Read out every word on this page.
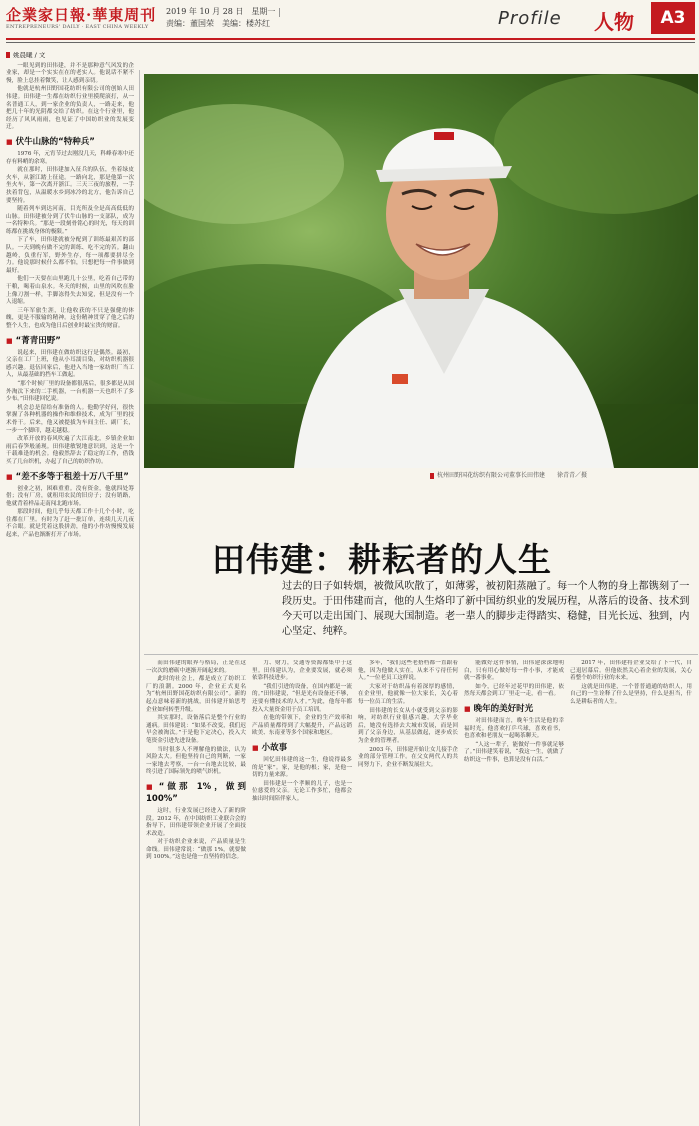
企業家日報·華東周刊
ENTREPRENEURS' DAILY · EAST CHINA WEEKLY
2019 年 10 月 28 日　星期一
责编：董国荣　美编：楼苏红	Profile 人物	A3
姚晨曦 / 文

一眼见到的田伟建，并不是那种意气风发的企业家，却是一个实实在在的老实人。他说话不紧不慢，脸上总挂着微笑，让人感到亲切。

他就是杭州田野国花纺织有限公司的创始人田伟建。田伟建一生都在纺织行业里摸爬滚打，从一名普通工人，到一家企业的负责人，一路走来，他把几十年的光阴都交给了纺织。在这个行业里，他经历了风风雨雨，也见证了中国纺织业的发展变迁。

■ 伏牛山脉的“特种兵”

1976 年，元宵节过去刚没几天，科峰春寒中还存有料峭的余寒。

就在那时，田伟建加入征兵的队伍，坐着绿皮火车，从浙江踏上征途。一路向北，那是他第一次坐火车，第一次离开浙江。三天三夜的旅程，一手扶着背包，从温暖水乡到冰冷的北方，他告诉自己要坚持。

随着列车到达河南，目光所及全是高高低低的山脉。田伟建被分到了伏牛山脉的一支部队，成为一名特种兵。“那是一段刻骨铭心的时光，每天的训练都在挑战身体的极限。”

下了车，田伟建就被分配到了训练最艰苦的部队。一天到晚有做不完的训练、吃不完的苦。翻山越岭，负重行军，野外生存，每一项都要拼尽全力。他说那时候什么都不怕，只想把每一件事做到最好。

他们一天要在山里跑几十公里，吃着自己带的干粮，喝着山泉水。冬天的时候，山里的风吹在脸上像刀割一样，手脚冻得失去知觉，但是没有一个人退缩。

三年军旅生涯，让他收获的不只是强健的体魄，更是不服输的精神。这份精神贯穿了他之后的整个人生，也成为他日后创业时最宝贵的财富。

■ “菁青田野”

说起来，田伟建在做纺织这行是偶然。最初，父亲在工厂上班，他从小耳濡目染，对纺织机器很感兴趣。退伍回家后，他进入当地一家纺织厂当工人，从最基础的挡车工做起。

“那个时候厂里的设备都很落后，很多都是从国外淘汰下来的二手机器，一台机器一天也织不了多少布。”田伟建回忆说。

机会总是留给有准备的人。他勤学好问，很快掌握了各种机器的操作和维修技术，成为厂里的技术骨干。后来，他又被提拔为车间主任、副厂长，一步一个脚印，越走越稳。

改革开放的春风吹遍了大江南北，乡镇企业如雨后春笋般涌现。田伟建敏锐地意识到，这是一个千载难逢的机会。他毅然辞去了稳定的工作，借钱买了几台织机，办起了自己的纺织作坊。

■ “差不多等于租差十万八千里”

创业之初，困难重重。没有资金，他就四处筹借；没有厂房，就租用农民的旧房子；没有销路，他就背着样品走南闯北跑市场。

那段时间，他几乎每天都工作十几个小时，吃住都在厂里。有时为了赶一批订单，连续几天几夜不合眼。就是凭着这股拼劲，他的小作坊慢慢发展起来，产品也渐渐打开了市场。

杭州田野国花纺织有限公司董事长田伟建　　徐青青／摄
田伟建：耕耘者的人生
过去的日子如转烟，被微风吹散了，如薄雾，被初阳蒸融了。每一个人物的身上都镌刻了一段历史。于田伟建而言，他的人生烙印了新中国纺织业的发展历程，从落后的设备、技术到今天可以走出国门、展现大国制造。老一辈人的脚步走得踏实、稳健，目光长远、独到，内心坚定、纯粹。

而田伟建的眼界与格局，正是在这一次次的磨砺中逐渐开阔起来的。

此时的社会上，都是成立了纺织工厂的浪潮。2000 年，企业正式更名为“杭州田野国花纺织有限公司”。新的起点意味着新的挑战，田伟建开始思考企业如何转型升级。

其实那时，设备落后是整个行业的通病。田伟建说：“如果不改变，我们迟早会被淘汰。”于是他下定决心，投入大笔资金引进先进设备。

当时很多人不理解他的做法，认为风险太大。但他坚持自己的判断，一家一家地去考察，一台一台地去比较，最终引进了国际领先的喷气织机。

■ “做那 1%，做到 100%”

这时，行业发展已经进入了新的阶段。2012 年，在中国纺织工业联合会的指导下，田伟建带领企业开展了全面技术改造。

对于纺织企业来说，产品质量是生命线。田伟建常说：“做那 1%，就要做到 100%。”这也是他一直坚持的信念。

力、财力，交通等资源都集中于这里。田伟建认为，企业要发展，就必须依靠科技进步。

“我们引进的设备，在国内都是一流的。”田伟建说，“但是光有设备还不够，还要有懂技术的人才。”为此，他每年都投入大量资金用于员工培训。

在他的带领下，企业的生产效率和产品质量都得到了大幅提升，产品远销欧美、东南亚等多个国家和地区。

■ 小故事

回忆田伟建的这一生，他说得最多的是“家”。家，是他的根；家，是他一切的力量来源。

田伟建是一个孝顺的儿子，也是一位慈爱的父亲。无论工作多忙，他都会抽出时间陪伴家人。

多年，“我们这些老搭档都一直跟着他，因为他做人实在，从来不亏待任何人。”一位老员工这样说。

大家对于纺织品有着深厚的感情，在企业里，他就像一位大家长，关心着每一位员工的生活。

田伟建的长女从小就受到父亲的影响，对纺织行业很感兴趣。大学毕业后，她没有选择去大城市发展，而是回到了父亲身边，从基层做起，逐步成长为企业的管理者。

2003 年，田伟建开始让女儿接手企业的部分管理工作。在父女两代人的共同努力下，企业不断发展壮大。

能做好这件事情，田伟建深深地明白，只有用心做好每一件小事，才能成就一番事业。

如今，已经年过花甲的田伟建，依然每天都会到工厂里走一走，看一看。

■ 晚年的美好时光

对田伟建而言，晚年生活是他的幸福时光。他喜欢打乒乓球，喜欢看书，也喜欢和老朋友一起喝茶聊天。

“人这一辈子，能做好一件事就足够了。”田伟建笑着说，“我这一生，就做了纺织这一件事，也算是没有白活。”

2017 年，田伟建将企业交给了下一代，自己退居幕后。但他依然关心着企业的发展，关心着整个纺织行业的未来。

这就是田伟建，一个普普通通的纺织人，用自己的一生诠释了什么是坚持，什么是担当，什么是耕耘者的人生。
